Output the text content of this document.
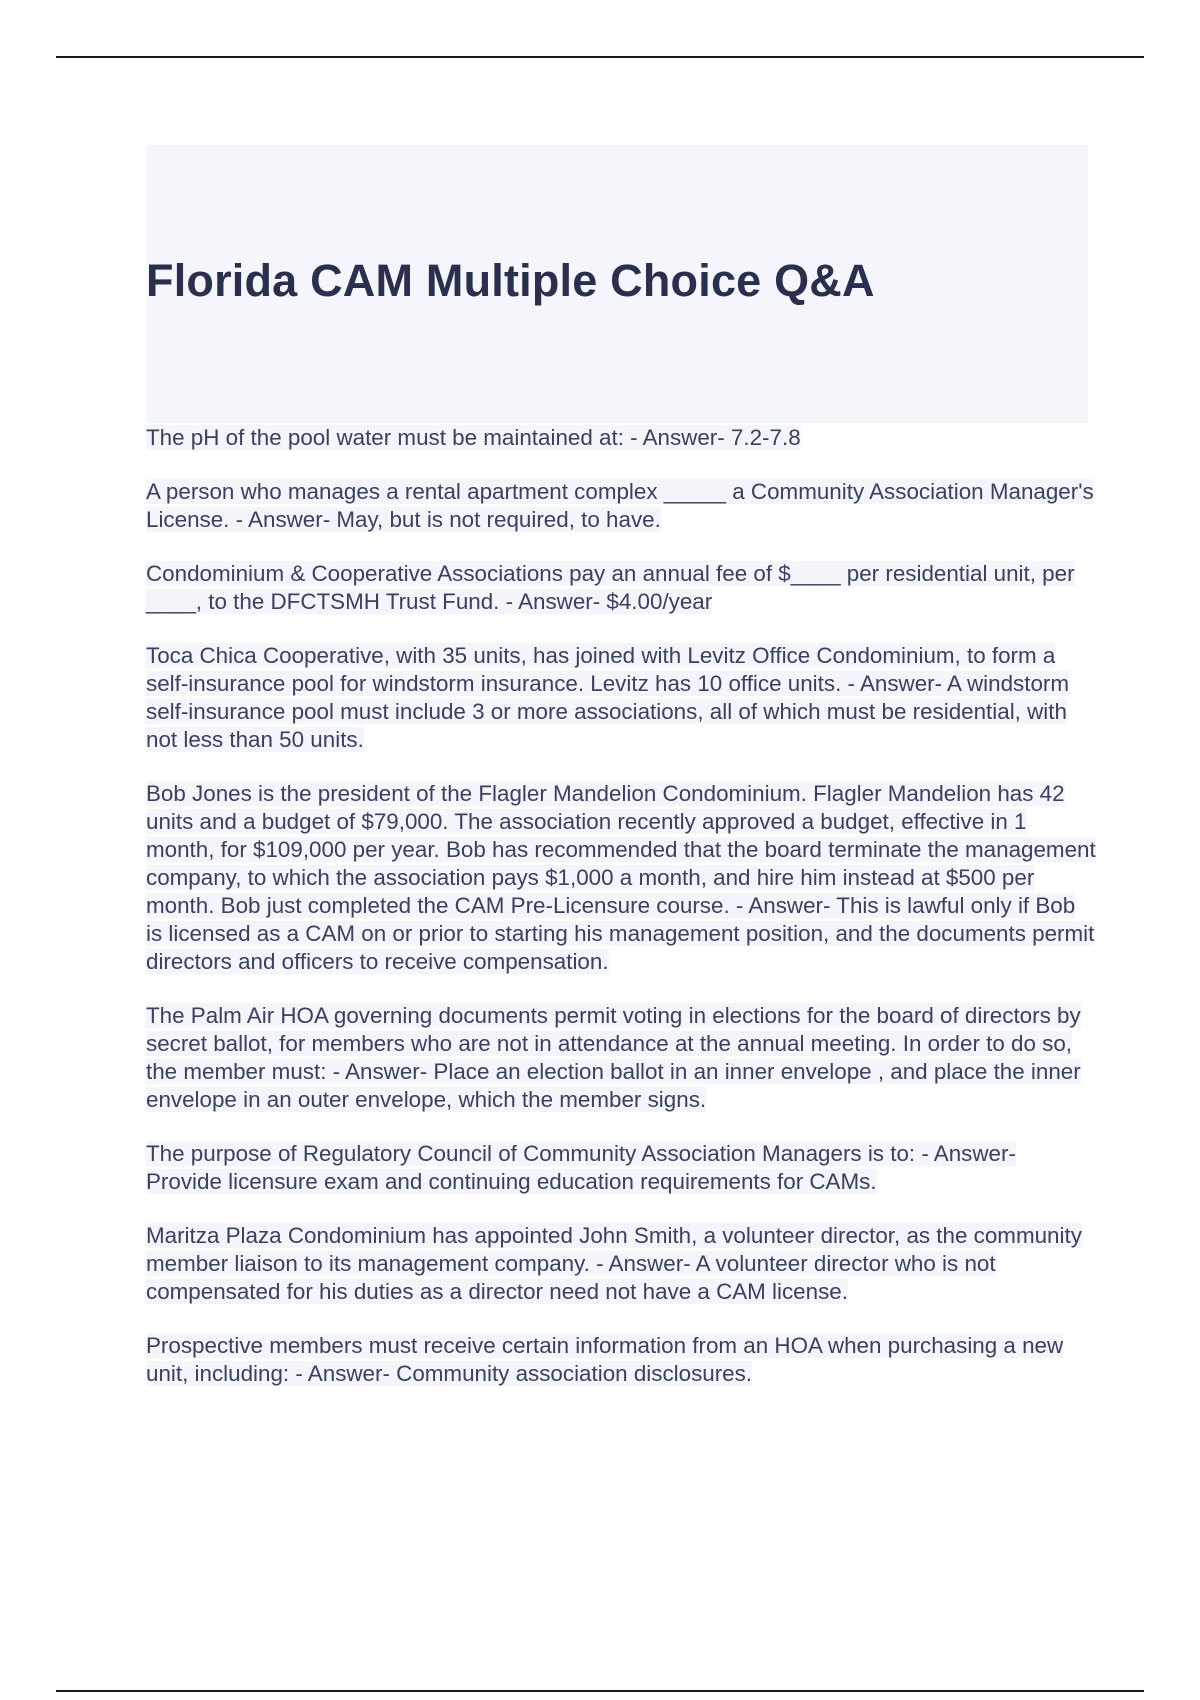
Florida CAM Multiple Choice Q&A

The pH of the pool water must be maintained at: - Answer- 7.2-7.8

A person who manages a rental apartment complex _____ a Community Association Manager's License. - Answer- May, but is not required, to have.

Condominium & Cooperative Associations pay an annual fee of $____ per residential unit, per ____, to the DFCTSMH Trust Fund. - Answer- $4.00/year

Toca Chica Cooperative, with 35 units, has joined with Levitz Office Condominium, to form a self-insurance pool for windstorm insurance. Levitz has 10 office units. - Answer- A windstorm self-insurance pool must include 3 or more associations, all of which must be residential, with not less than 50 units.

Bob Jones is the president of the Flagler Mandelion Condominium. Flagler Mandelion has 42 units and a budget of $79,000. The association recently approved a budget, effective in 1 month, for $109,000 per year. Bob has recommended that the board terminate the management company, to which the association pays $1,000 a month, and hire him instead at $500 per month. Bob just completed the CAM Pre-Licensure course. - Answer- This is lawful only if Bob is licensed as a CAM on or prior to starting his management position, and the documents permit directors and officers to receive compensation.

The Palm Air HOA governing documents permit voting in elections for the board of directors by secret ballot, for members who are not in attendance at the annual meeting. In order to do so, the member must: - Answer- Place an election ballot in an inner envelope , and place the inner envelope in an outer envelope, which the member signs.

The purpose of Regulatory Council of Community Association Managers is to: - Answer- Provide licensure exam and continuing education requirements for CAMs.

Maritza Plaza Condominium has appointed John Smith, a volunteer director, as the community member liaison to its management company. - Answer- A volunteer director who is not compensated for his duties as a director need not have a CAM license.

Prospective members must receive certain information from an HOA when purchasing a new unit, including: - Answer- Community association disclosures.
